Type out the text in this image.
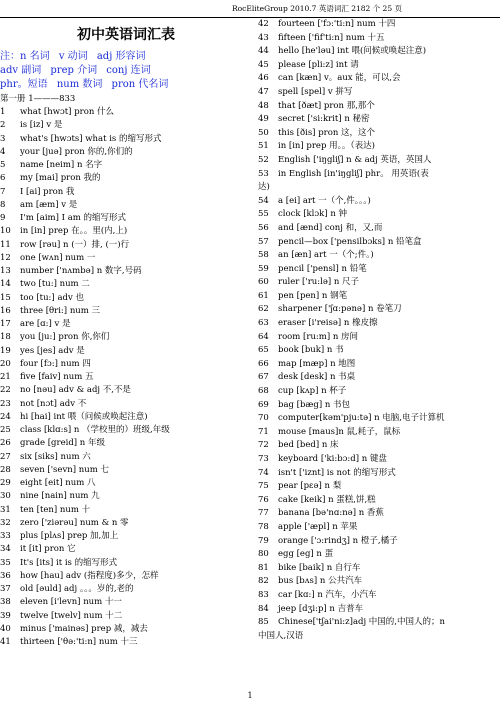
RocEliteGroup 2010.7 英语词汇 2182 个 25 页
初中英语词汇表
注：n 名词 v 动词 adj 形容词
adv 副词 prep 介词 conj 连词
phr。短语 num 数词 pron 代名词
第一册 1———833
1 what [hwɔt] pron 什么
2 is [iz] v 是
3 what's [hwɔts] what is 的缩写形式
4 your [juə] pron 你的,你们的
5 name [neim] n 名字
6 my [mai] pron 我的
7 I [ai] pron 我
8 am [æm] v 是
9 I'm [aim] I am 的缩写形式
10 in [in] prep 在。。里(内,上)
11 row [rəu] n (一）排, (一)行
12 one [wʌn] num 一
13 number ['nʌmbə] n 数字,号码
14 two [tu:] num 二
15 too [tu:] adv 也
16 three [θri:] num 三
17 are [ɑ:] v 是
18 you [ju:] pron 你,你们
19 yes [jes] adv 是
20 four [fɔ:] num 四
21 five [faiv] num 五
22 no [nəu] adv & adj 不,不是
23 not [nɔt] adv 不
24 hi [hai] int 喂（问候或唤起注意)
25 class [klɑ:s] n （学校里的）班级,年级
26 grade [greid] n 年级
27 six [siks] num 六
28 seven ['sevn] num 七
29 eight [eit] num 八
30 nine [nain] num 九
31 ten [ten] num 十
32 zero ['ziərəu] num & n 零
33 plus [plʌs] prep 加,加上
34 it [it] pron 它
35 It's [its] it is 的缩写形式
36 how [hau] adv (指程度)多少，怎样
37 old [əuld] adj 。。。岁的,老的
38 eleven [i'levn] num 十一
39 twelve [twelv] num 十二
40 minus ['mainəs] prep 减，减去
41 thirteen ['θə:'ti:n] num 十三
42 fourteen ['fɔ:'ti:n] num 十四
43 fifteen ['fif'ti:n] num 十五
44 hello [he'ləu] int 喂(问候或唤起注意)
45 please [pli:z] int 请
46 can [kæn] v。aux 能，可以,会
47 spell [spel] v 拼写
48 that [ðæt] pron 那,那个
49 secret ['si:krit] n 秘密
50 this [ðis] pron 这，这个
51 in [in] prep 用。。（表达)
52 English ['iŋgliʃ] n & adj 英语，英国人
53 in English [in'iŋgliʃ] phr。 用英语(表
达)
54 a [ei] art 一（个,件。。。)
55 clock [klɔk] n 钟
56 and [ænd] conj 和，又,而
57 pencil—box ['pensilbɔks] n 铅笔盒
58 an [æn] art 一（个;件。)
59 pencil ['pensl] n 铅笔
60 ruler ['ru:lə] n 尺子
61 pen [pen] n 钢笔
62 sharpener ['ʃɑ:pənə] n 卷笔刀
63 eraser [i'reisə] n 橡皮擦
64 room [ru:m] n 房间
65 book [buk] n 书
66 map [mæp] n 地图
67 desk [desk] n 书桌
68 cup [kʌp] n 杯子
69 bag [bæg] n 书包
70 computer[kəm'pju:tə] n 电脑,电子计算机
71 mouse [maus]n 鼠,耗子，鼠标
72 bed [bed] n 床
73 keyboard ['ki:bɔ:d] n 键盘
74 isn't ['iznt] is not 的缩写形式
75 pear [pεə] n 梨
76 cake [keik] n 蛋糕,饼,糕
77 banana [bə'nɑ:nə] n 香蕉
78 apple ['æpl] n 苹果
79 orange ['ɔ:rindʒ] n 橙子,橘子
80 egg [eg] n 蛋
81 bike [baik] n 自行车
82 bus [bʌs] n 公共汽车
83 car [kɑ:] n 汽车，小汽车
84 jeep [dʒi:p] n 吉普车
85 Chinese['tʃai'ni:z]adj 中国的,中国人的；n
中国人,汉语
1
